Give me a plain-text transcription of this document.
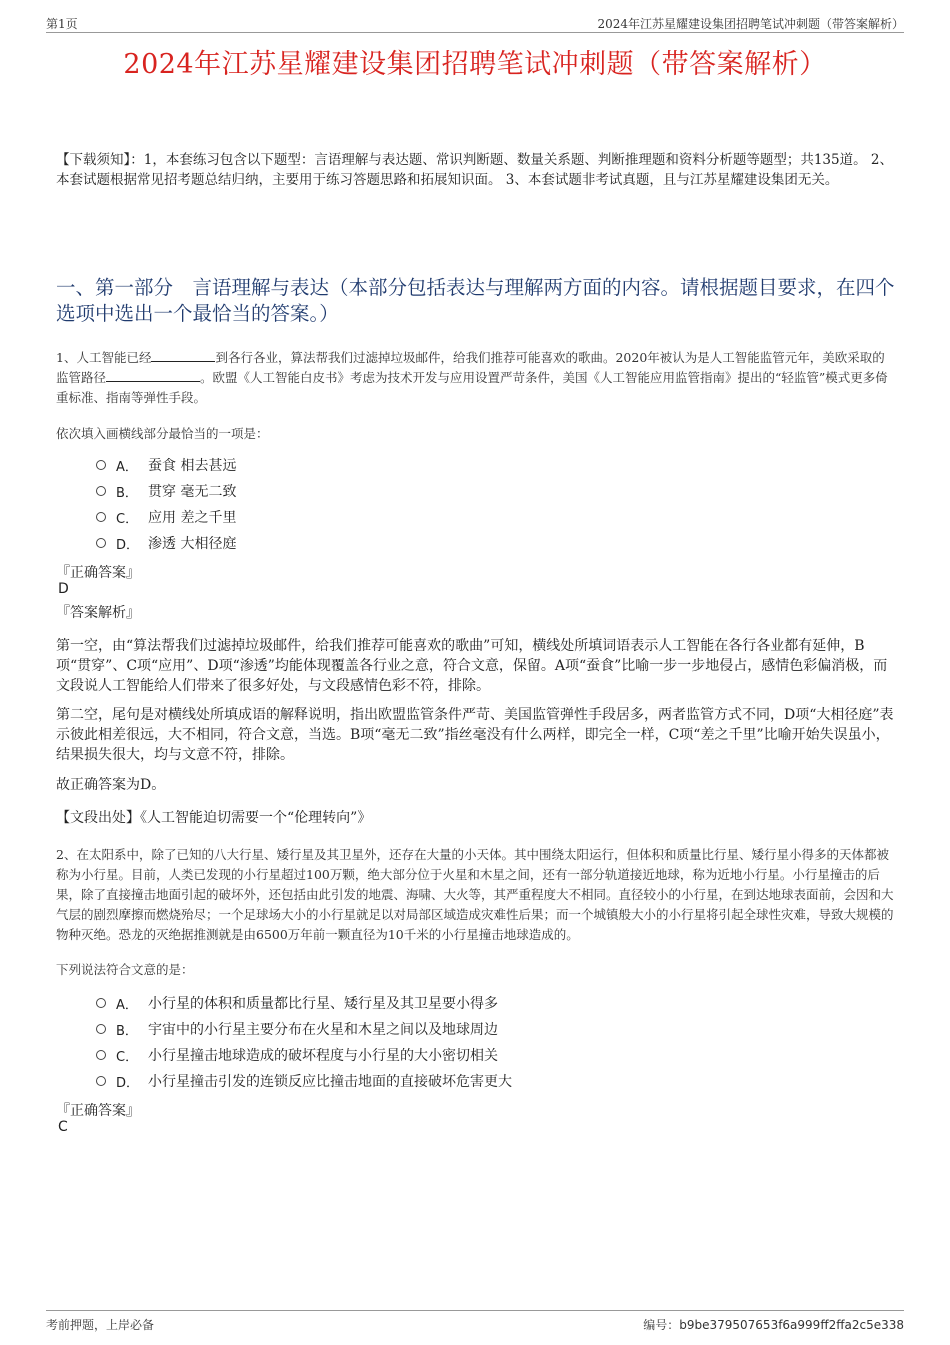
第1页	2024年江苏星耀建设集团招聘笔试冲刺题（带答案解析）
2024年江苏星耀建设集团招聘笔试冲刺题（带答案解析）
【下载须知】：1，本套练习包含以下题型：言语理解与表达题、常识判断题、数量关系题、判断推理题和资料分析题等题型；共135道。 2、本套试题根据常见招考题总结归纳，主要用于练习答题思路和拓展知识面。 3、本套试题非考试真题，且与江苏星耀建设集团无关。
一、第一部分　言语理解与表达（本部分包括表达与理解两方面的内容。请根据题目要求，在四个选项中选出一个最恰当的答案。）
1、人工智能已经	到各行各业，算法帮我们过滤掉垃圾邮件，给我们推荐可能喜欢的歌曲。2020年被认为是人工智能监管元年，美欧采取的监管路径	。欧盟《人工智能白皮书》考虑为技术开发与应用设置严苛条件，美国《人工智能应用监管指南》提出的“轻监管”模式更多倚重标准、指南等弹性手段。
依次填入画横线部分最恰当的一项是：
A． 蚕食 相去甚远
B． 贯穿 毫无二致
C． 应用 差之千里
D． 渗透 大相径庭
『正确答案』
D
『答案解析』
第一空，由“算法帮我们过滤掉垃圾邮件，给我们推荐可能喜欢的歌曲”可知，横线处所填词语表示人工智能在各行各业都有延伸，B项“贯穿”、C项“应用”、D项“渗透”均能体现覆盖各行业之意，符合文意，保留。A项“蚕食”比喻一步一步地侵占，感情色彩偏消极，而文段说人工智能给人们带来了很多好处，与文段感情色彩不符，排除。
第二空，尾句是对横线处所填成语的解释说明，指出欧盟监管条件严苛、美国监管弹性手段居多，两者监管方式不同，D项“大相径庭”表示彼此相差很远，大不相同，符合文意，当选。B项“毫无二致”指丝毫没有什么两样，即完全一样，C项“差之千里”比喻开始失误虽小，结果损失很大，均与文意不符，排除。
故正确答案为D。
【文段出处】《人工智能迫切需要一个“伦理转向”》
2、在太阳系中，除了已知的八大行星、矮行星及其卫星外，还存在大量的小天体。其中围绕太阳运行，但体积和质量比行星、矮行星小得多的天体都被称为小行星。目前，人类已发现的小行星超过100万颗，绝大部分位于火星和木星之间，还有一部分轨道接近地球，称为近地小行星。小行星撞击的后果，除了直接撞击地面引起的破坏外，还包括由此引发的地震、海啸、大火等，其严重程度大不相同。直径较小的小行星，在到达地球表面前，会因和大气层的剧烈摩擦而燃烧殆尽；一个足球场大小的小行星就足以对局部区域造成灾难性后果；而一个城镇般大小的小行星将引起全球性灾难，导致大规模的物种灭绝。恐龙的灭绝据推测就是由6500万年前一颗直径为10千米的小行星撞击地球造成的。
下列说法符合文意的是：
A． 小行星的体积和质量都比行星、矮行星及其卫星要小得多
B． 宇宙中的小行星主要分布在火星和木星之间以及地球周边
C． 小行星撞击地球造成的破坏程度与小行星的大小密切相关
D． 小行星撞击引发的连锁反应比撞击地面的直接破坏危害更大
『正确答案』
C
考前押题，上岸必备	编号：b9be379507653f6a999ff2ffa2c5e338
